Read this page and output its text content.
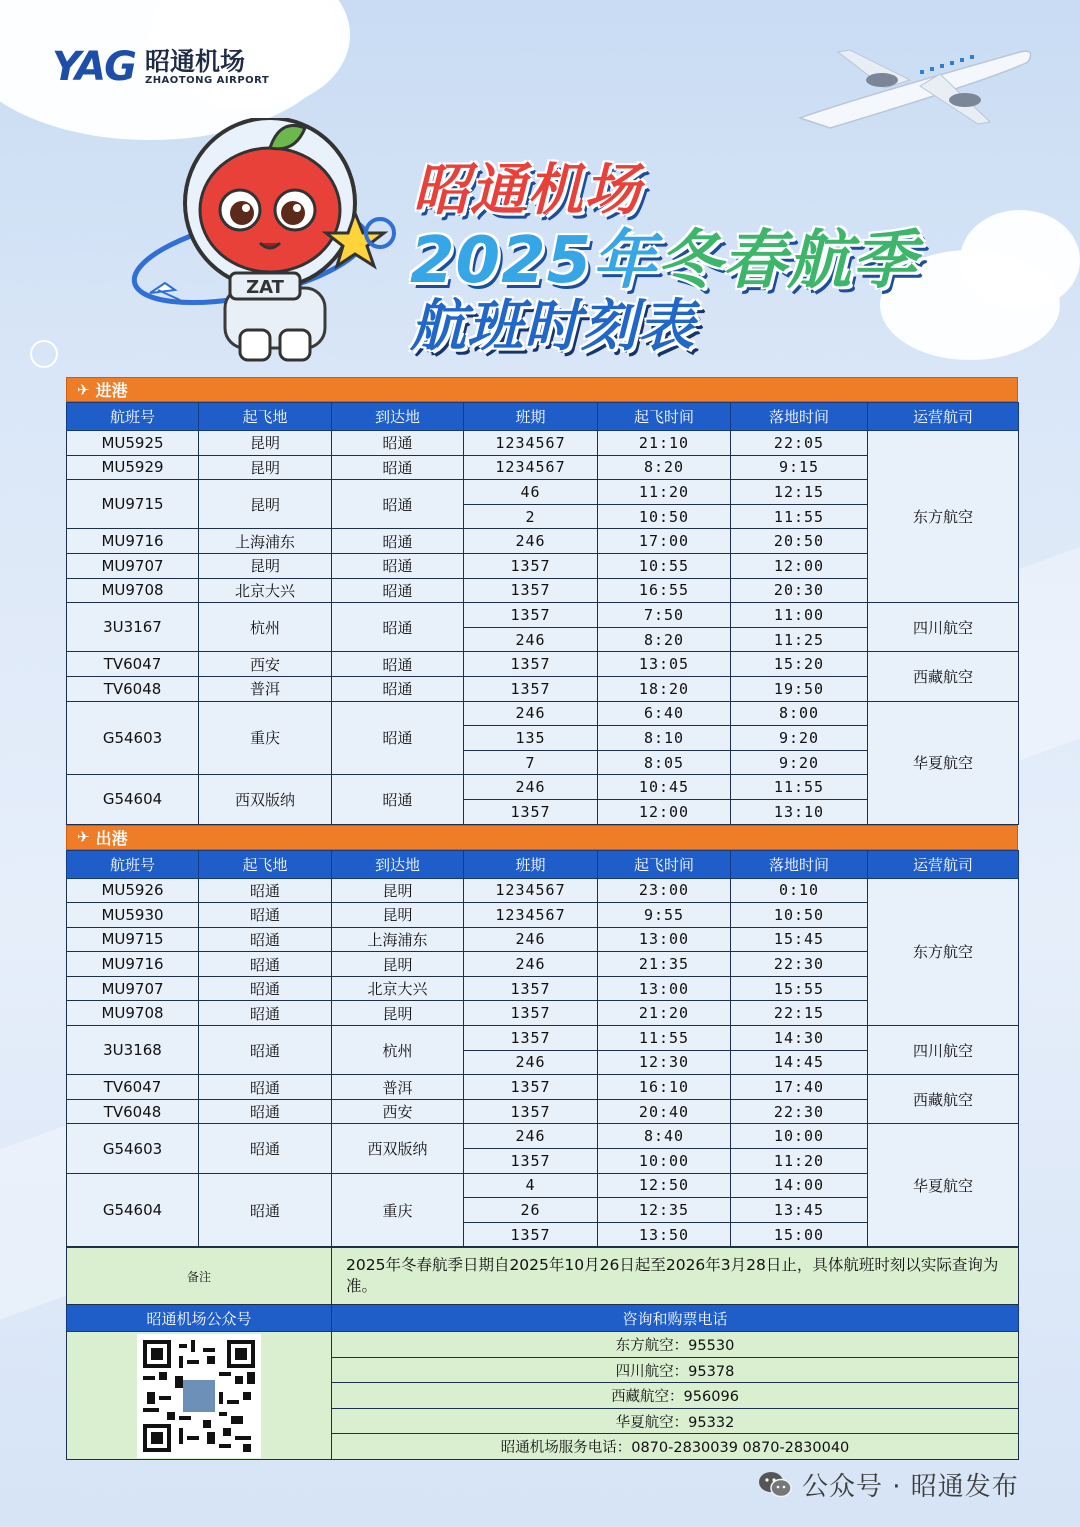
YAG 昭通机场
ZHAOTONG AIRPORT
ZAT
昭通机场
2025年冬春航季
航班时刻表
✈ 进港
航班号	起飞地	到达地	班期	起飞时间	落地时间	运营航司
MU5925	昆明	昭通	1234567	21:10	22:05	东方航空
MU5929	昆明	昭通	1234567	8:20	9:15	
MU9715	昆明	昭通	46	11:20	12:15	
			2	10:50	11:55	
MU9716	上海浦东	昭通	246	17:00	20:50	
MU9707	昆明	昭通	1357	10:55	12:00	
MU9708	北京大兴	昭通	1357	16:55	20:30	
3U3167	杭州	昭通	1357	7:50	11:00	四川航空
			246	8:20	11:25	
TV6047	西安	昭通	1357	13:05	15:20	西藏航空
TV6048	普洱	昭通	1357	18:20	19:50	
G54603	重庆	昭通	246	6:40	8:00	华夏航空
			135	8:10	9:20	
			7	8:05	9:20	
G54604	西双版纳	昭通	246	10:45	11:55	
			1357	12:00	13:10	
✈ 出港
航班号	起飞地	到达地	班期	起飞时间	落地时间	运营航司
MU5926	昭通	昆明	1234567	23:00	0:10	东方航空
MU5930	昭通	昆明	1234567	9:55	10:50	
MU9715	昭通	上海浦东	246	13:00	15:45	
MU9716	昭通	昆明	246	21:35	22:30	
MU9707	昭通	北京大兴	1357	13:00	15:55	
MU9708	昭通	昆明	1357	21:20	22:15	
3U3168	昭通	杭州	1357	11:55	14:30	四川航空
			246	12:30	14:45	
TV6047	昭通	普洱	1357	16:10	17:40	西藏航空
TV6048	昭通	西安	1357	20:40	22:30	
G54603	昭通	西双版纳	246	8:40	10:00	华夏航空
			1357	10:00	11:20	
G54604	昭通	重庆	4	12:50	14:00	
			26	12:35	13:45	
			1357	13:50	15:00	
备注	2025年冬春航季日期自2025年10月26日起至2026年3月28日止，具体航班时刻以实际查询为准。
昭通机场公众号	咨询和购票电话

	东方航空：95530
	四川航空：95378
	西藏航空：956096
	华夏航空：95332
	昭通机场服务电话：0870-2830039 0870-2830040
公众号 · 昭通发布
